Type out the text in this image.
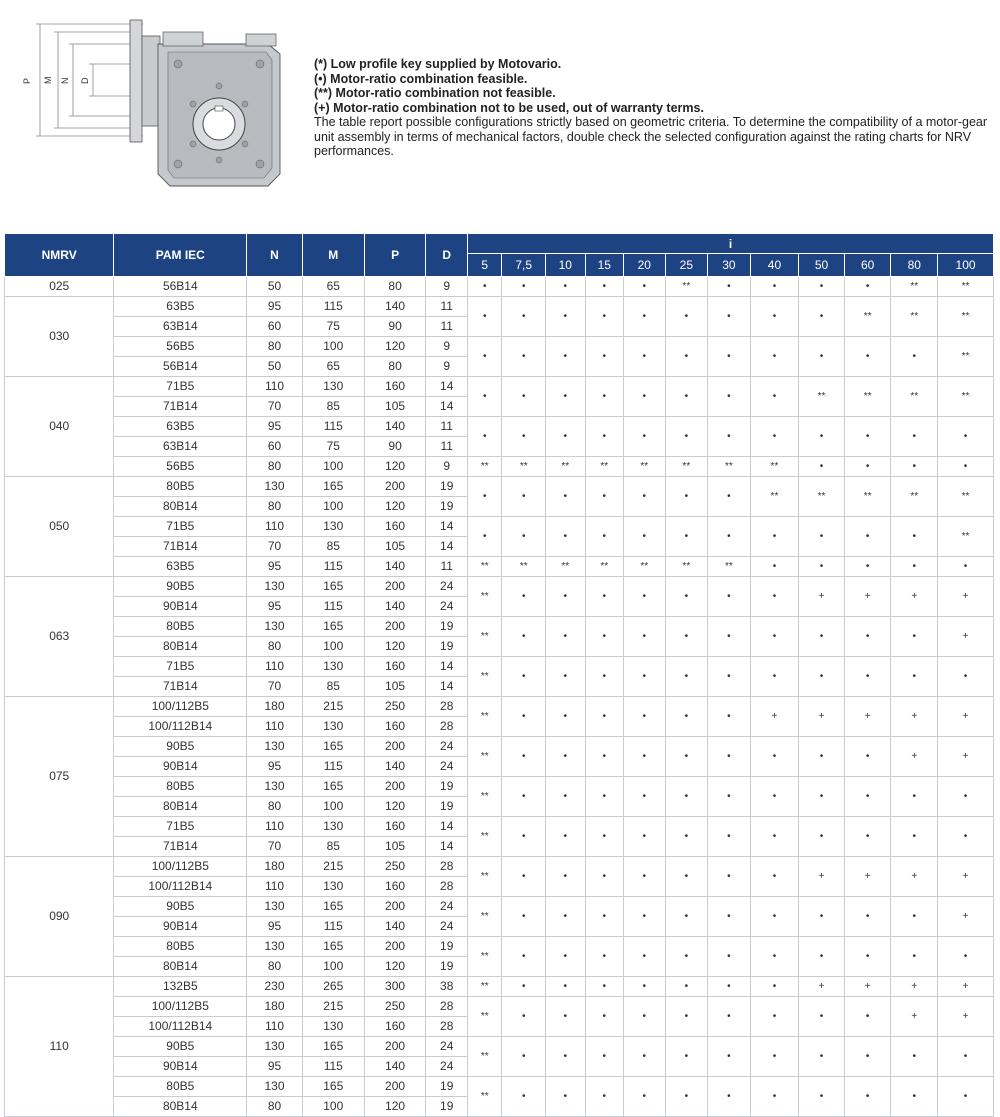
P M N D
(*) Low profile key supplied by Motovario.
(•) Motor-ratio combination feasible.
(**) Motor-ratio combination not feasible.
(+) Motor-ratio combination not to be used, out of warranty terms.
The table report possible configurations strictly based on geometric criteria. To determine the compatibility of a motor-gear unit assembly in terms of mechanical factors, double check the selected configuration against the rating charts for NRV performances.
NMRV	PAM IEC	N	M	P	D	i											
						5	7,5	10	15	20	25	30	40	50	60	80	100
025	56B14	50	65	80	9	•	•	•	•	•	**	•	•	•	•	**	**
030	63B5	95	115	140	11	•	•	•	•	•	•	•	•	•	**	**	**
	63B14	60	75	90	11												
	56B5	80	100	120	9	•	•	•	•	•	•	•	•	•	•	•	**
	56B14	50	65	80	9												
040	71B5	110	130	160	14	•	•	•	•	•	•	•	•	**	**	**	**
	71B14	70	85	105	14												
	63B5	95	115	140	11	•	•	•	•	•	•	•	•	•	•	•	•
	63B14	60	75	90	11												
	56B5	80	100	120	9	**	**	**	**	**	**	**	**	•	•	•	•
050	80B5	130	165	200	19	•	•	•	•	•	•	•	**	**	**	**	**
	80B14	80	100	120	19												
	71B5	110	130	160	14	•	•	•	•	•	•	•	•	•	•	•	**
	71B14	70	85	105	14												
	63B5	95	115	140	11	**	**	**	**	**	**	**	•	•	•	•	•
063	90B5	130	165	200	24	**	•	•	•	•	•	•	•	+	+	+	+
	90B14	95	115	140	24												
	80B5	130	165	200	19	**	•	•	•	•	•	•	•	•	•	•	+
	80B14	80	100	120	19												
	71B5	110	130	160	14	**	•	•	•	•	•	•	•	•	•	•	•
	71B14	70	85	105	14												
075	100/112B5	180	215	250	28	**	•	•	•	•	•	•	+	+	+	+	+
	100/112B14	110	130	160	28												
	90B5	130	165	200	24	**	•	•	•	•	•	•	•	•	•	+	+
	90B14	95	115	140	24												
	80B5	130	165	200	19	**	•	•	•	•	•	•	•	•	•	•	•
	80B14	80	100	120	19												
	71B5	110	130	160	14	**	•	•	•	•	•	•	•	•	•	•	•
	71B14	70	85	105	14												
090	100/112B5	180	215	250	28	**	•	•	•	•	•	•	•	+	+	+	+
	100/112B14	110	130	160	28												
	90B5	130	165	200	24	**	•	•	•	•	•	•	•	•	•	•	+
	90B14	95	115	140	24												
	80B5	130	165	200	19	**	•	•	•	•	•	•	•	•	•	•	•
	80B14	80	100	120	19												
110	132B5	230	265	300	38	**	•	•	•	•	•	•	•	+	+	+	+
	100/112B5	180	215	250	28	**	•	•	•	•	•	•	•	•	•	+	+
	100/112B14	110	130	160	28												
	90B5	130	165	200	24	**	•	•	•	•	•	•	•	•	•	•	•
	90B14	95	115	140	24												
	80B5	130	165	200	19	**	•	•	•	•	•	•	•	•	•	•	•
	80B14	80	100	120	19												
